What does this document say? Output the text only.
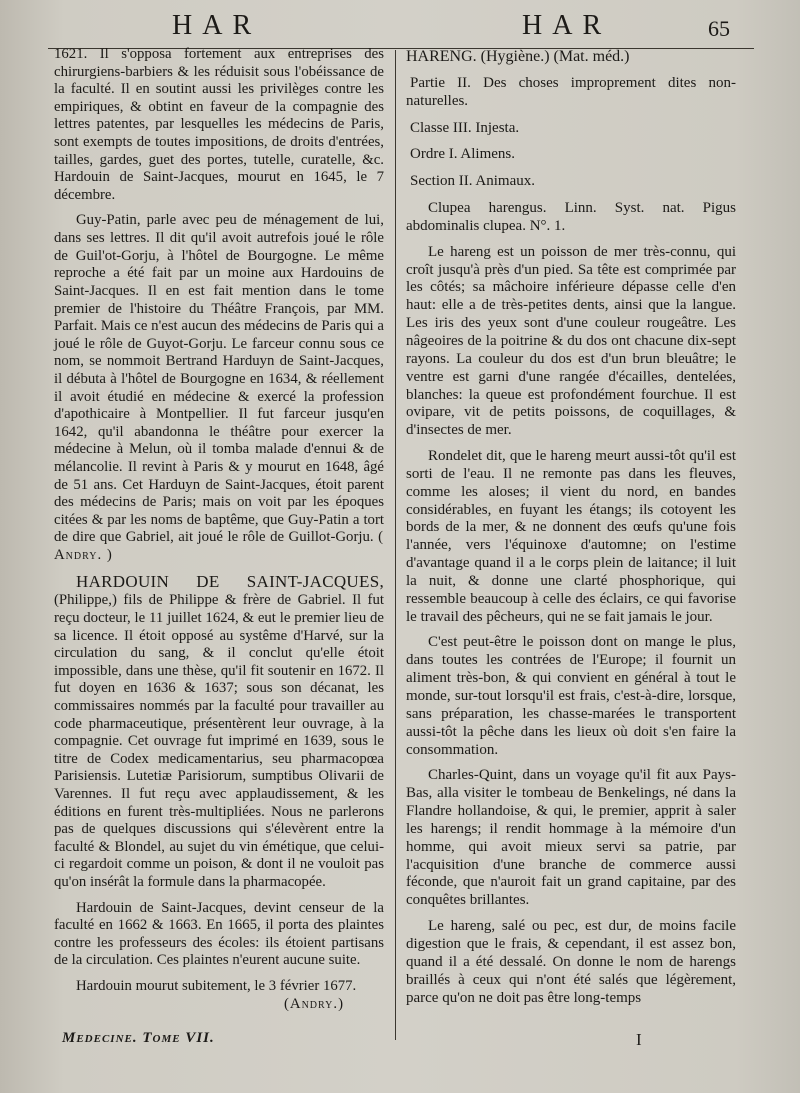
HAR	HAR	65

1621. Il s'opposa fortement aux entreprises des chirurgiens-barbiers & les réduisit sous l'obéissance de la faculté. Il en soutint aussi les privilèges contre les empiriques, & obtint en faveur de la compagnie des lettres patentes, par lesquelles les médecins de Paris, sont exempts de toutes impositions, de droits d'entrées, tailles, gardes, guet des portes, tutelle, curatelle, &c. Hardouin de Saint-Jacques, mourut en 1645, le 7 décembre.

Guy-Patin, parle avec peu de ménagement de lui, dans ses lettres. Il dit qu'il avoit autrefois joué le rôle de Guil'ot-Gorju, à l'hôtel de Bourgogne. Le même reproche a été fait par un moine aux Hardouins de Saint-Jacques. Il en est fait mention dans le tome premier de l'histoire du Théâtre François, par MM. Parfait. Mais ce n'est aucun des médecins de Paris qui a joué le rôle de Guyot-Gorju. Le farceur connu sous ce nom, se nommoit Bertrand Harduyn de Saint-Jacques, il débuta à l'hôtel de Bourgogne en 1634, & réellement il avoit étudié en médecine & exercé la profession d'apothicaire à Montpellier. Il fut farceur jusqu'en 1642, qu'il abandonna le théâtre pour exercer la médecine à Melun, où il tomba malade d'ennui & de mélancolie. Il revint à Paris & y mourut en 1648, âgé de 51 ans. Cet Harduyn de Saint-Jacques, étoit parent des médecins de Paris; mais on voit par les époques citées & par les noms de baptême, que Guy-Patin a tort de dire que Gabriel, ait joué le rôle de Guillot-Gorju. ( Andry. )

HARDOUIN DE SAINT-JACQUES, (Philippe,) fils de Philippe & frère de Gabriel. Il fut reçu docteur, le 11 juillet 1624, & eut le premier lieu de sa licence. Il étoit opposé au systême d'Harvé, sur la circulation du sang, & il conclut qu'elle étoit impossible, dans une thèse, qu'il fit soutenir en 1672. Il fut doyen en 1636 & 1637; sous son décanat, les commissaires nommés par la faculté pour travailler au code pharmaceutique, présentèrent leur ouvrage, à la compagnie. Cet ouvrage fut imprimé en 1639, sous le titre de Codex medicamentarius, seu pharmacopœa Parisiensis. Lutetiæ Parisiorum, sumptibus Olivarii de Varennes. Il fut reçu avec applaudissement, & les éditions en furent très-multipliées. Nous ne parlerons pas de quelques discussions qui s'élevèrent entre la faculté & Blondel, au sujet du vin émétique, que celui-ci regardoit comme un poison, & dont il ne vouloit pas qu'on insérât la formule dans la pharmacopée.

Hardouin de Saint-Jacques, devint censeur de la faculté en 1662 & 1663. En 1665, il porta des plaintes contre les professeurs des écoles: ils étoient partisans de la circulation. Ces plaintes n'eurent aucune suite.

Hardouin mourut subitement, le 3 février 1677.

(Andry.)

HARENG. (Hygiène.) (Mat. méd.)

Partie II. Des choses improprement dites non-naturelles.

Classe III. Injesta.

Ordre I. Alimens.

Section II. Animaux.

Clupea harengus. Linn. Syst. nat. Pigus abdominalis clupea. N°. 1.

Le hareng est un poisson de mer très-connu, qui croît jusqu'à près d'un pied. Sa tête est comprimée par les côtés; sa mâchoire inférieure dépasse celle d'en haut: elle a de très-petites dents, ainsi que la langue. Les iris des yeux sont d'une couleur rougeâtre. Les nâgeoires de la poitrine & du dos ont chacune dix-sept rayons. La couleur du dos est d'un brun bleuâtre; le ventre est garni d'une rangée d'écailles, dentelées, blanches: la queue est profondément fourchue. Il est ovipare, vit de petits poissons, de coquillages, & d'insectes de mer.

Rondelet dit, que le hareng meurt aussi-tôt qu'il est sorti de l'eau. Il ne remonte pas dans les fleuves, comme les aloses; il vient du nord, en bandes considérables, en fuyant les étangs; ils cotoyent les bords de la mer, & ne donnent des œufs qu'une fois l'année, vers l'équinoxe d'automne; on l'estime d'avantage quand il a le corps plein de laitance; il luit la nuit, & donne une clarté phosphorique, qui ressemble beaucoup à celle des éclairs, ce qui favorise le travail des pêcheurs, qui ne se fait jamais le jour.

C'est peut-être le poisson dont on mange le plus, dans toutes les contrées de l'Europe; il fournit un aliment très-bon, & qui convient en général à tout le monde, sur-tout lorsqu'il est frais, c'est-à-dire, lorsque, sans préparation, les chasse-marées le transportent aussi-tôt la pêche dans les lieux où doit s'en faire la consommation.

Charles-Quint, dans un voyage qu'il fit aux Pays-Bas, alla visiter le tombeau de Benkelings, né dans la Flandre hollandoise, & qui, le premier, apprit à saler les harengs; il rendit hommage à la mémoire d'un homme, qui avoit mieux servi sa patrie, par l'acquisition d'une branche de commerce aussi féconde, que n'auroit fait un grand capitaine, par des conquêtes brillantes.

Le hareng, salé ou pec, est dur, de moins facile digestion que le frais, & cependant, il est assez bon, quand il a été dessalé. On donne le nom de harengs braillés à ceux qui n'ont été salés que légèrement, parce qu'on ne doit pas être long-temps

Medecine. Tome VII.	I
